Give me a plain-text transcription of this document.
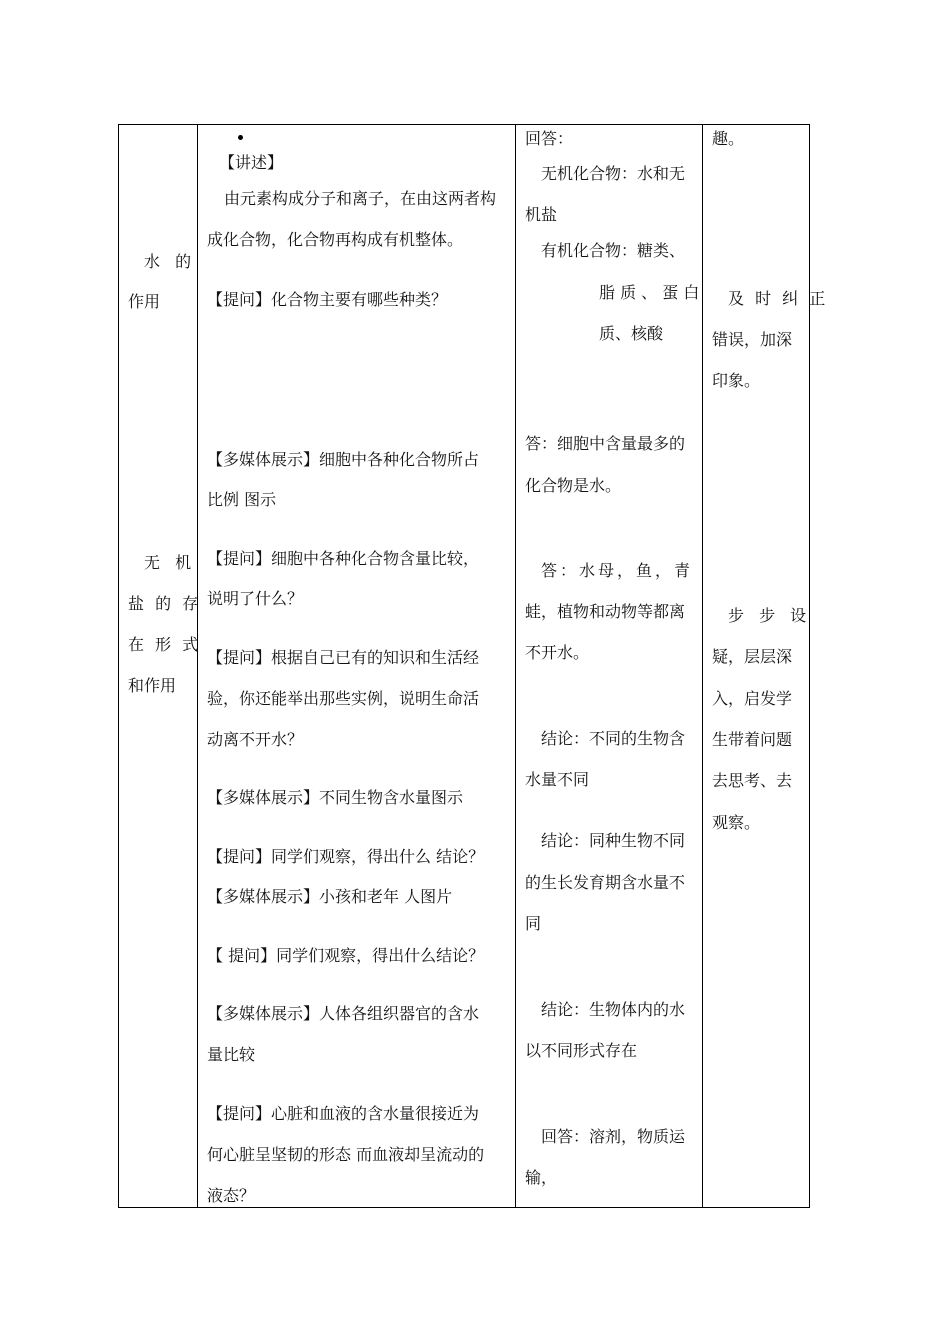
水 的
作用
无 机
盐 的 存
在 形 式
和作用
【讲述】
由元素构成分子和离子，在由这两者构
成化合物，化合物再构成有机整体。
【提问】化合物主要有哪些种类？
【多媒体展示】细胞中各种化合物所占
比例 图示
【提问】细胞中各种化合物含量比较，
说明了什么？
【提问】根据自己已有的知识和生活经
验，你还能举出那些实例，说明生命活
动离不开水？
【多媒体展示】不同生物含水量图示
【提问】同学们观察，得出什么 结论？
【多媒体展示】小孩和老年 人图片
【 提问】同学们观察，得出什么结论？
【多媒体展示】人体各组织器官的含水
量比较
【提问】心脏和血液的含水量很接近为
何心脏呈坚韧的形态 而血液却呈流动的
液态？
回答：
无机化合物：水和无
机盐
有机化合物：糖类、
脂 质 、 蛋 白
质、核酸
答：细胞中含量最多的
化合物是水。
答：水母，鱼，青
蛙，植物和动物等都离
不开水。
结论：不同的生物含
水量不同
结论：同种生物不同
的生长发育期含水量不
同
结论：生物体内的水
以不同形式存在
回答：溶剂，物质运
输，
趣。
及 时 纠 正
错误，加深
印象。
步 步 设
疑，层层深
入，启发学
生带着问题
去思考、去
观察。
